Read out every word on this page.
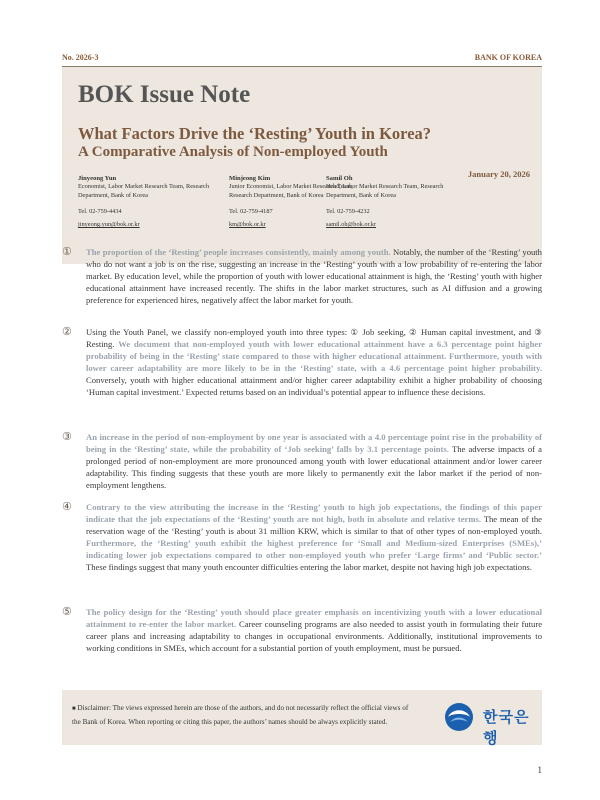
No. 2026-3	BANK OF KOREA
BOK Issue Note
What Factors Drive the ‘Resting’ Youth in Korea?
A Comparative Analysis of Non-employed Youth
January 20, 2026
Jinyeong Yun
Economist, Labor Market Research Team, Research Department, Bank of Korea
Tel. 02-759-4434
jinyeong.yun@bok.or.kr
Minjeong Kim
Junior Economist, Labor Market Research Team, Research Department, Bank of Korea
Tel. 02-759-4187
km@bok.or.kr
Samil Oh
Head, Labor Market Research Team, Research Department, Bank of Korea
Tel. 02-759-4232
samil.oh@bok.or.kr
① The proportion of the ‘Resting’ people increases consistently, mainly among youth. Notably, the number of the ‘Resting’ youth who do not want a job is on the rise, suggesting an increase in the ‘Resting’ youth with a low probability of re-entering the labor market. By education level, while the proportion of youth with lower educational attainment is high, the ‘Resting’ youth with higher educational attainment have increased recently. The shifts in the labor market structures, such as AI diffusion and a growing preference for experienced hires, negatively affect the labor market for youth.
② Using the Youth Panel, we classify non-employed youth into three types: ① Job seeking, ② Human capital investment, and ③ Resting. We document that non-employed youth with lower educational attainment have a 6.3 percentage point higher probability of being in the ‘Resting’ state compared to those with higher educational attainment. Furthermore, youth with lower career adaptability are more likely to be in the ‘Resting’ state, with a 4.6 percentage point higher probability. Conversely, youth with higher educational attainment and/or higher career adaptability exhibit a higher probability of choosing ‘Human capital investment.’ Expected returns based on an individual’s potential appear to influence these decisions.
③ An increase in the period of non-employment by one year is associated with a 4.0 percentage point rise in the probability of being in the ‘Resting’ state, while the probability of ‘Job seeking’ falls by 3.1 percentage points. The adverse impacts of a prolonged period of non-employment are more pronounced among youth with lower educational attainment and/or lower career adaptability. This finding suggests that these youth are more likely to permanently exit the labor market if the period of non-employment lengthens.
④ Contrary to the view attributing the increase in the ‘Resting’ youth to high job expectations, the findings of this paper indicate that the job expectations of the ‘Resting’ youth are not high, both in absolute and relative terms. The mean of the reservation wage of the ‘Resting’ youth is about 31 million KRW, which is similar to that of other types of non-employed youth. Furthermore, the ‘Resting’ youth exhibit the highest preference for ‘Small and Medium-sized Enterprises (SMEs),’ indicating lower job expectations compared to other non-employed youth who prefer ‘Large firms’ and ‘Public sector.’ These findings suggest that many youth encounter difficulties entering the labor market, despite not having high job expectations.
⑤ The policy design for the ‘Resting’ youth should place greater emphasis on incentivizing youth with a lower educational attainment to re-enter the labor market. Career counseling programs are also needed to assist youth in formulating their future career plans and increasing adaptability to changes in occupational environments. Additionally, institutional improvements to working conditions in SMEs, which account for a substantial portion of youth employment, must be pursued.
■ Disclaimer: The views expressed herein are those of the authors, and do not necessarily reflect the official views of the Bank of Korea. When reporting or citing this paper, the authors’ names should be always explicitly stated.	한국은행
1
